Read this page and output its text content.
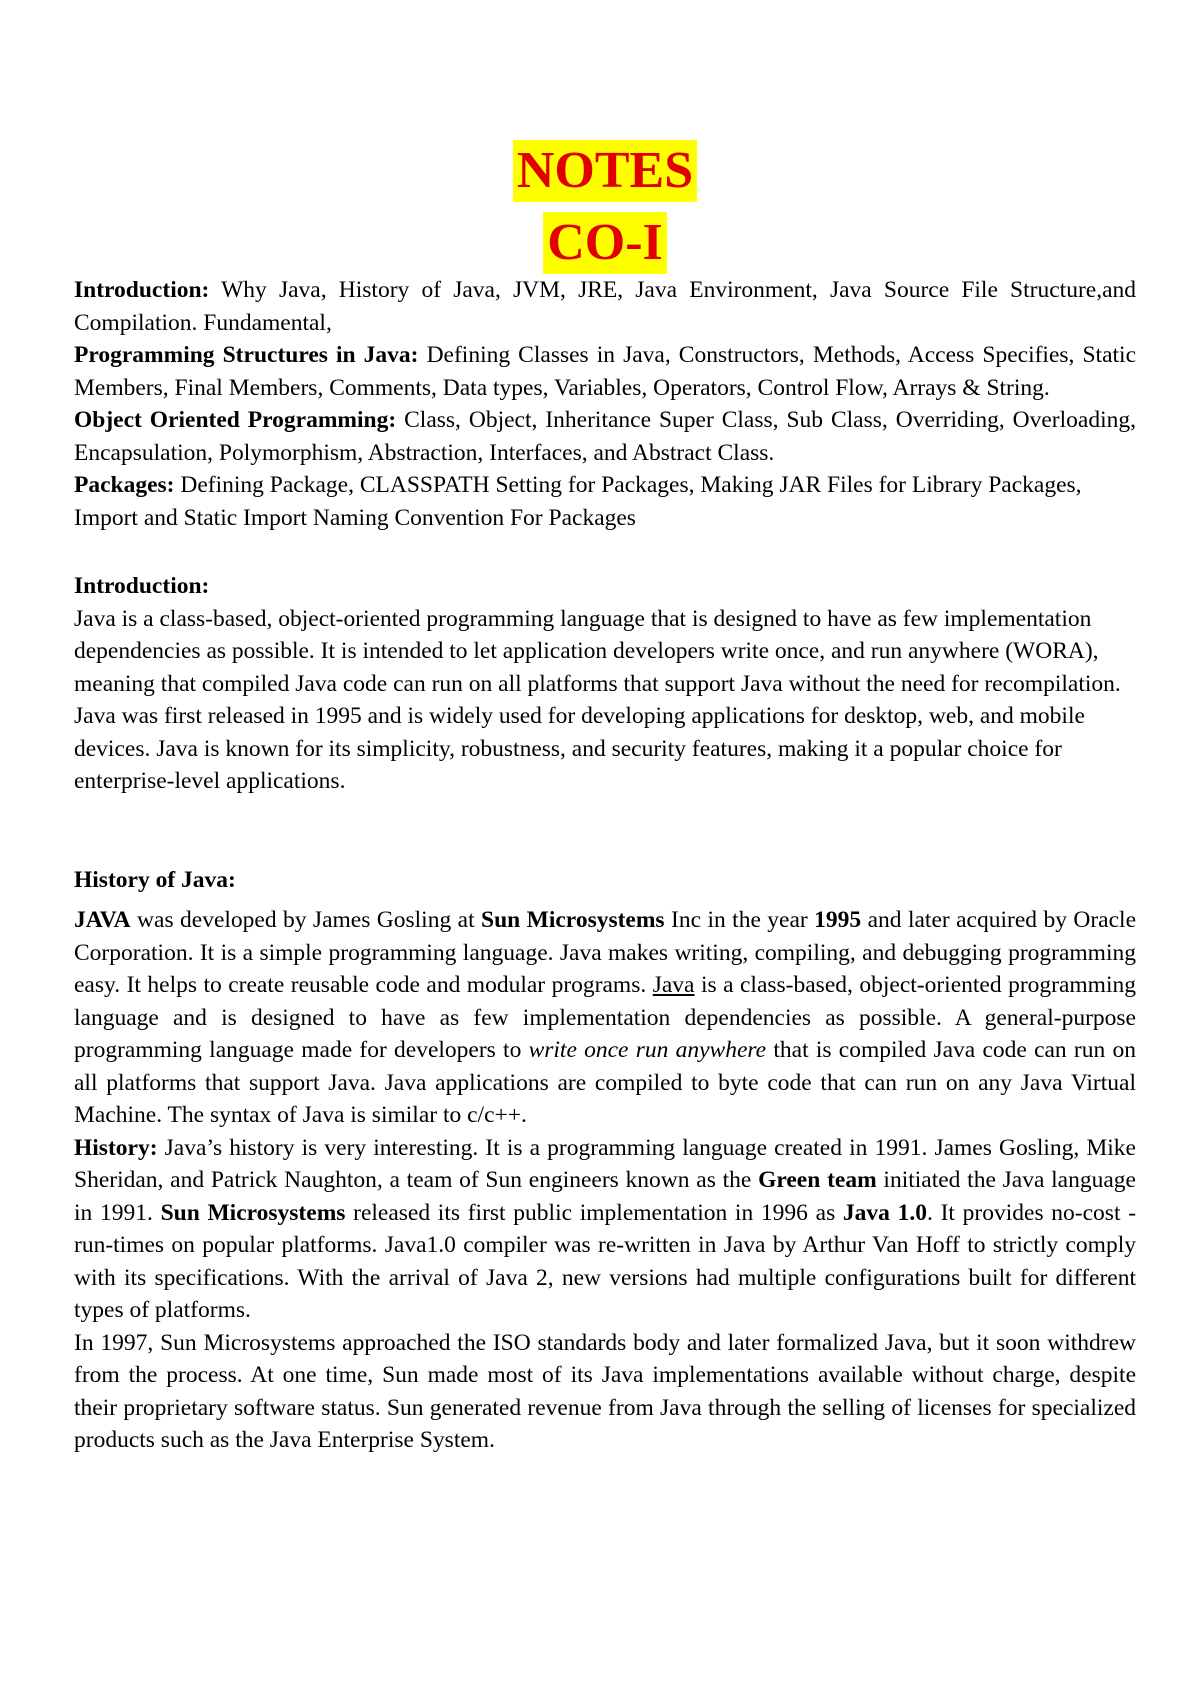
NOTES
CO-I

Introduction: Why Java, History of Java, JVM, JRE, Java Environment, Java Source File Structure,and Compilation. Fundamental,

Programming Structures in Java: Defining Classes in Java, Constructors, Methods, Access Specifies, Static Members, Final Members, Comments, Data types, Variables, Operators, Control Flow, Arrays & String.

Object Oriented Programming: Class, Object, Inheritance Super Class, Sub Class, Overriding, Overloading, Encapsulation, Polymorphism, Abstraction, Interfaces, and Abstract Class.

Packages: Defining Package, CLASSPATH Setting for Packages, Making JAR Files for Library Packages, Import and Static Import Naming Convention For Packages

Introduction:

Java is a class-based, object-oriented programming language that is designed to have as few implementation dependencies as possible. It is intended to let application developers write once, and run anywhere (WORA), meaning that compiled Java code can run on all platforms that support Java without the need for recompilation. Java was first released in 1995 and is widely used for developing applications for desktop, web, and mobile devices. Java is known for its simplicity, robustness, and security features, making it a popular choice for enterprise-level applications.

History of Java:

JAVA was developed by James Gosling at Sun Microsystems Inc in the year 1995 and later acquired by Oracle Corporation. It is a simple programming language. Java makes writing, compiling, and debugging programming easy. It helps to create reusable code and modular programs. Java is a class-based, object-oriented programming language and is designed to have as few implementation dependencies as possible. A general-purpose programming language made for developers to write once run anywhere that is compiled Java code can run on all platforms that support Java. Java applications are compiled to byte code that can run on any Java Virtual Machine. The syntax of Java is similar to c/c++.

History: Java’s history is very interesting. It is a programming language created in 1991. James Gosling, Mike Sheridan, and Patrick Naughton, a team of Sun engineers known as the Green team initiated the Java language in 1991. Sun Microsystems released its first public implementation in 1996 as Java 1.0. It provides no-cost -run-times on popular platforms. Java1.0 compiler was re-written in Java by Arthur Van Hoff to strictly comply with its specifications. With the arrival of Java 2, new versions had multiple configurations built for different types of platforms.

In 1997, Sun Microsystems approached the ISO standards body and later formalized Java, but it soon withdrew from the process. At one time, Sun made most of its Java implementations available without charge, despite their proprietary software status. Sun generated revenue from Java through the selling of licenses for specialized products such as the Java Enterprise System.
